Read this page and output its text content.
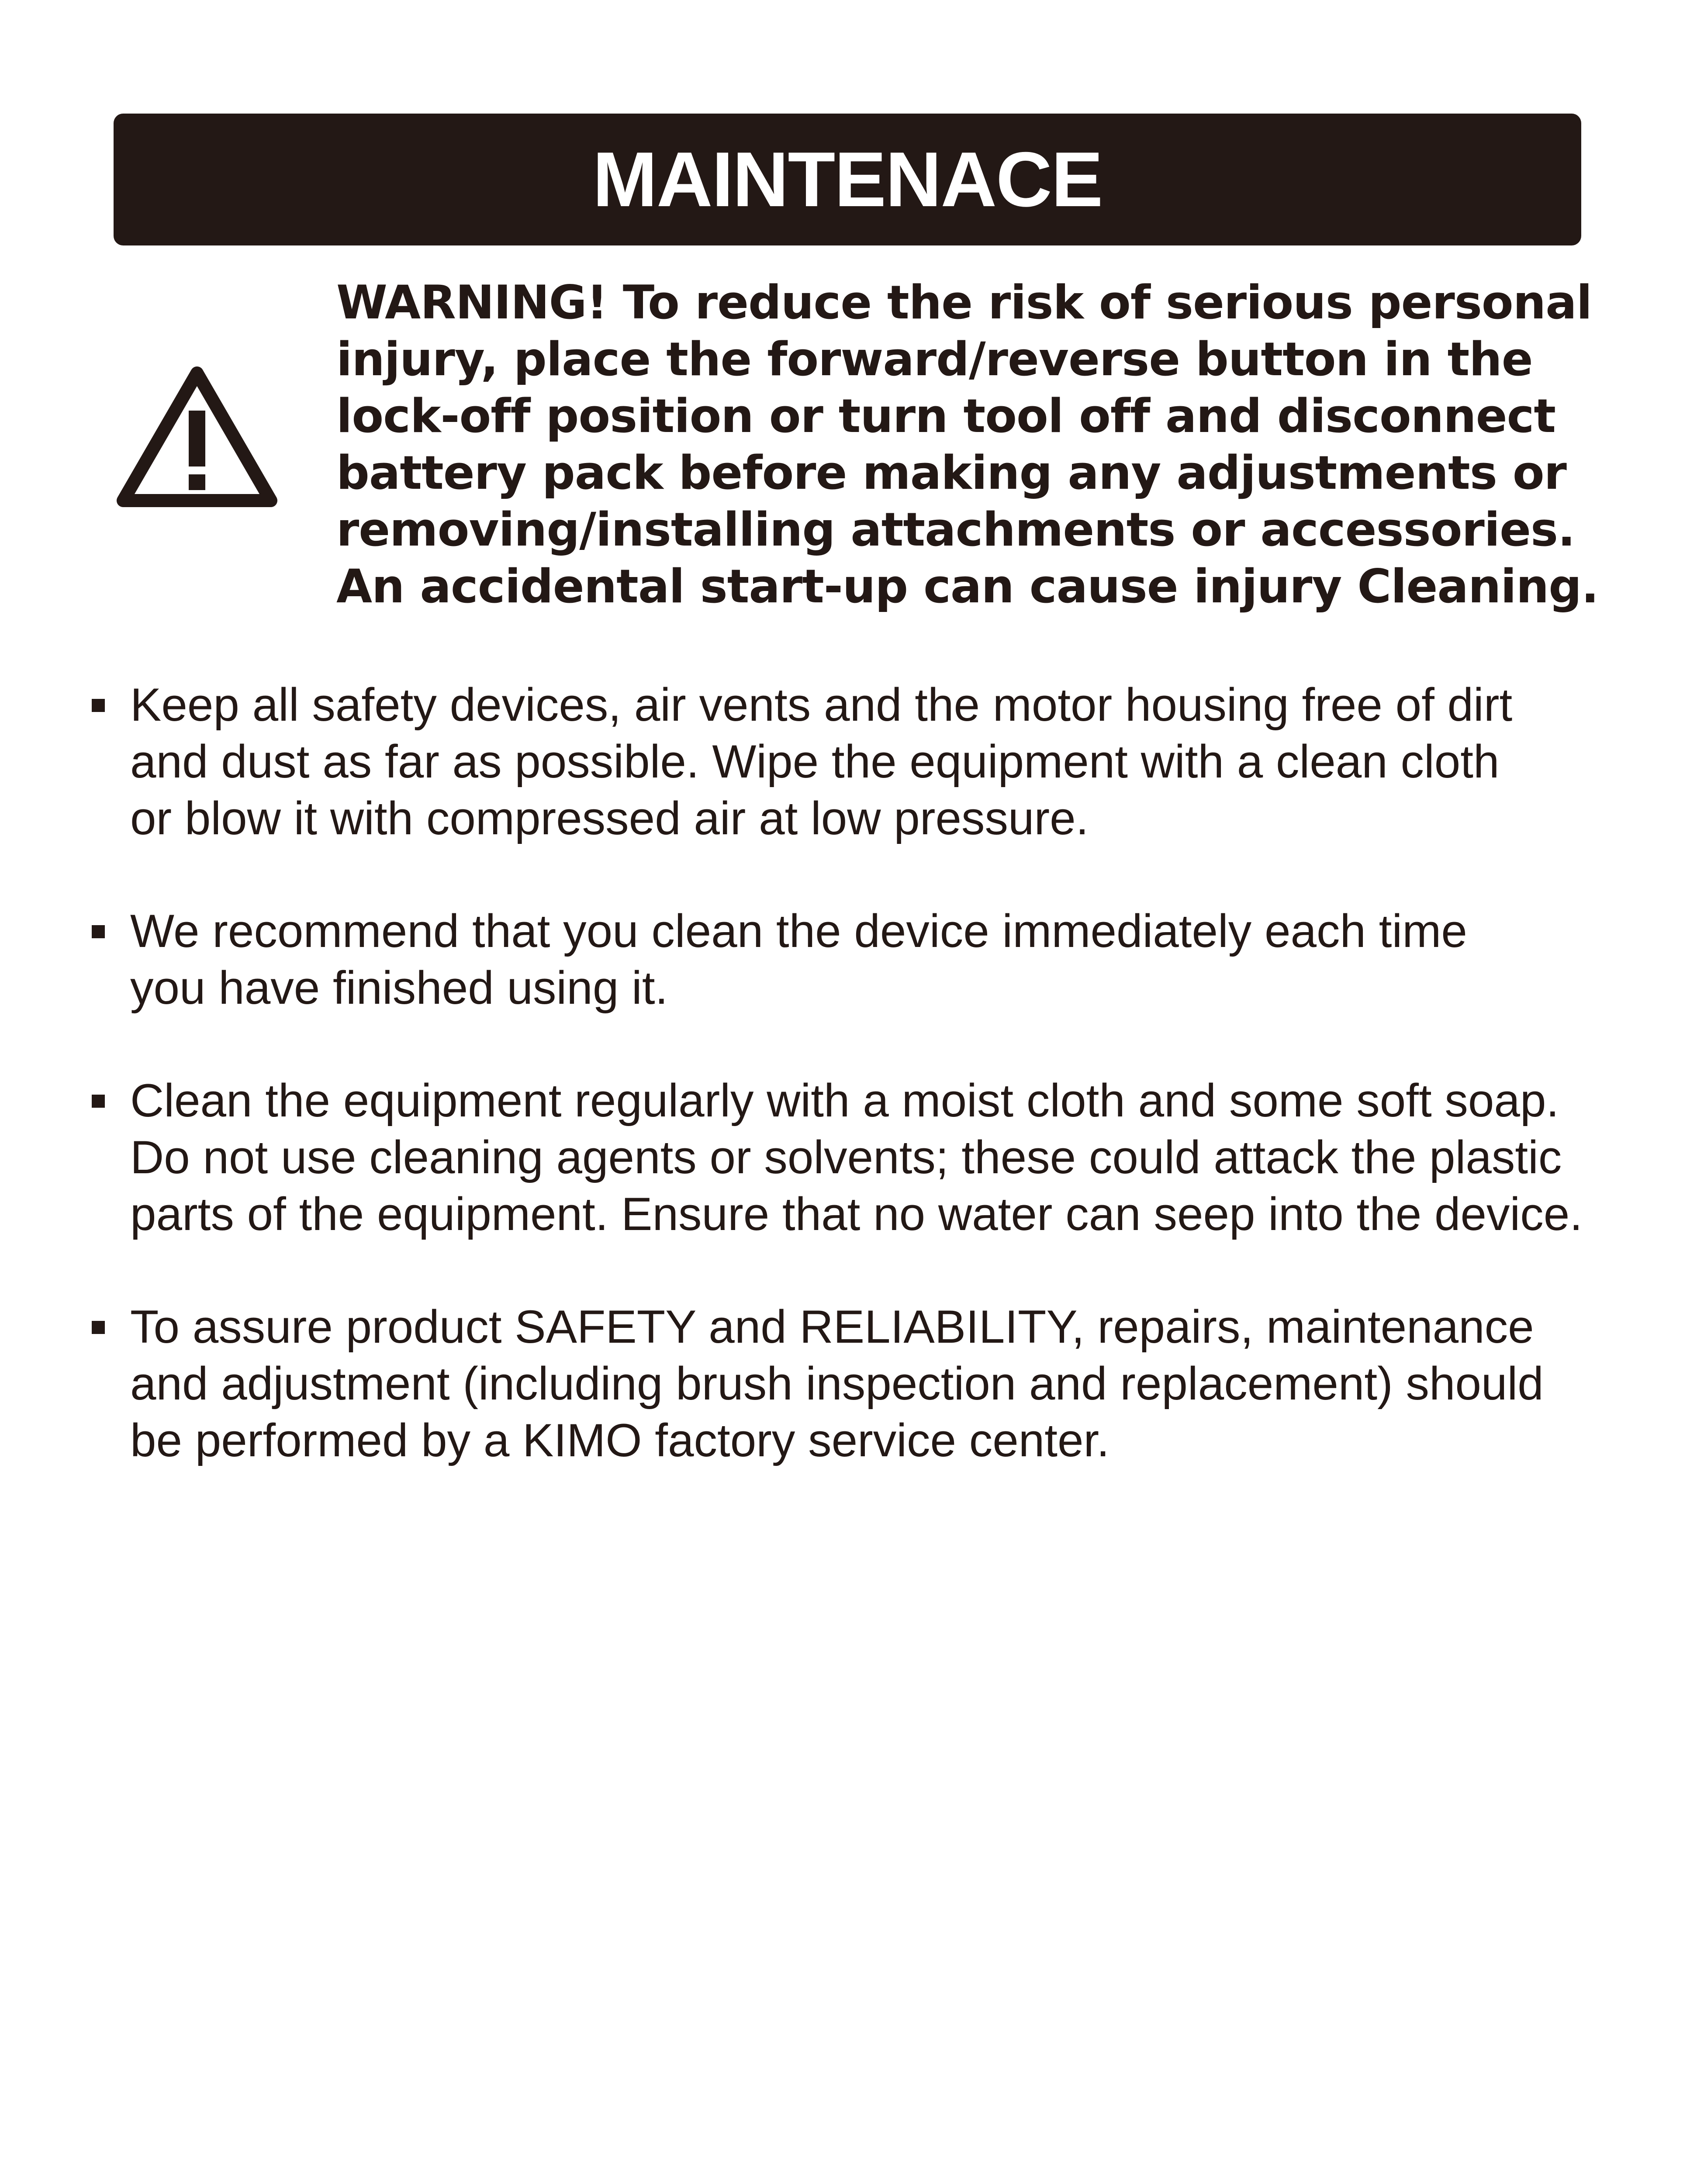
MAINTENACE

WARNING! To reduce the risk of serious personal
injury, place the forward/reverse button in the
lock-off position or turn tool off and disconnect
battery pack before making any adjustments or
removing/installing attachments or accessories.
An accidental start-up can cause injury Cleaning.

Keep all safety devices, air vents and the motor housing free of dirt
and dust as far as possible. Wipe the equipment with a clean cloth
or blow it with compressed air at low pressure.
We recommend that you clean the device immediately each time
you have finished using it.
Clean the equipment regularly with a moist cloth and some soft soap.
Do not use cleaning agents or solvents; these could attack the plastic
parts of the equipment. Ensure that no water can seep into the device.
To assure product SAFETY and RELIABILITY, repairs, maintenance
and adjustment (including brush inspection and replacement) should
be performed by a KIMO factory service center.
